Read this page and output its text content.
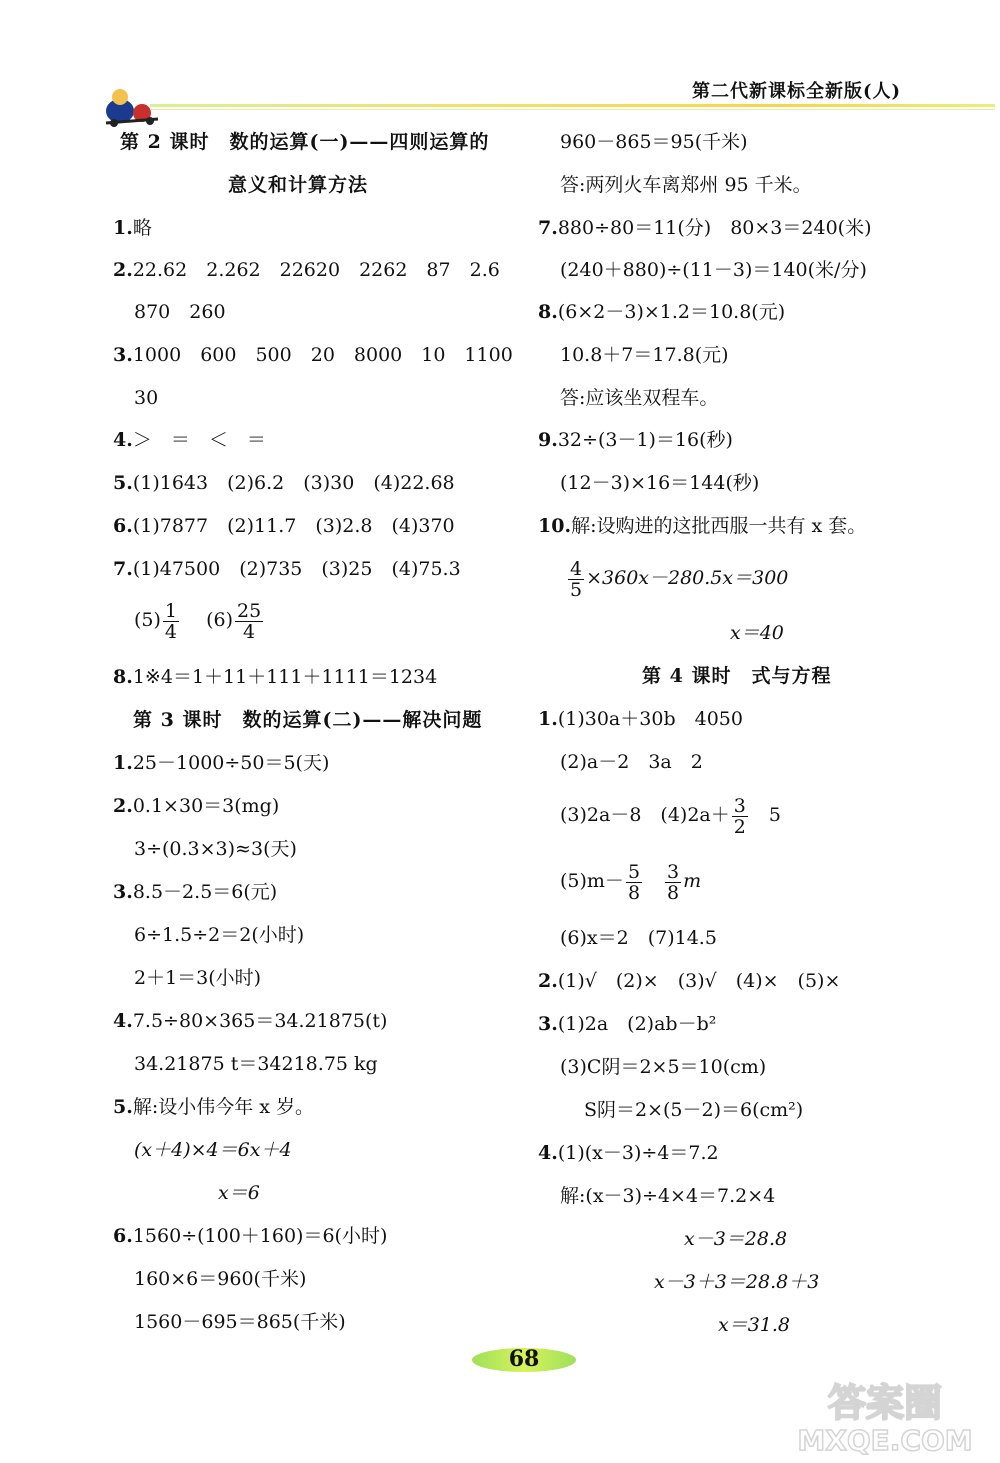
第二代新课标全新版(人)
第 2 课时　数的运算(一)——四则运算的
意义和计算方法
1.略
2.22.62　2.262　22620　2262　87　2.6
870　260
3.1000　600　500　20　8000　10　1100
30
4.＞　＝　＜　＝
5.(1)1643　(2)6.2　(3)30　(4)22.68
6.(1)7877　(2)11.7　(3)2.8　(4)370
7.(1)47500　(2)735　(3)25　(4)75.3
$(5) \frac{1}{4}$
　 $(6) \frac{25}{4}$
8.1※4＝1＋11＋111＋1111＝1234
第 3 课时　数的运算(二)——解决问题
1.25－1000÷50＝5(天)
2.0.1×30＝3(mg)
3÷(0.3×3)≈3(天)
3.8.5－2.5＝6(元)
6÷1.5÷2＝2(小时)
2＋1＝3(小时)
4.7.5÷80×365＝34.21875(t)
34.21875 t＝34218.75 kg
5.解:设小伟今年 x 岁。
(x＋4)×4＝6x＋4
x＝6
6.1560÷(100＋160)＝6(小时)
160×6＝960(千米)
1560－695＝865(千米)
960－865＝95(千米)
答:两列火车离郑州 95 千米。
7.880÷80＝11(分)　80×3＝240(米)
(240＋880)÷(11－3)＝140(米/分)
8.(6×2－3)×1.2＝10.8(元)
10.8＋7＝17.8(元)
答:应该坐双程车。
9.32÷(3－1)＝16(秒)
(12－3)×16＝144(秒)
10.解:设购进的这批西服一共有 x 套。
$\frac{4}{5} \times 360x-280.5x=300$
x＝40
第 4 课时　式与方程
1.(1)30a＋30b　4050
(2)a－2　3a　2
(3)2a－8　$(4)2a+ \frac{3}{2}$
　 5
$(5)m- \frac{5}{8}$
　 $\frac{3}{8}$ m
(6)x＝2　(7)14.5
2.(1)√　(2)×　(3)√　(4)×　(5)×
3.(1)2a　(2)ab－b²
(3)C阴＝2×5＝10(cm)
S阴＝2×(5－2)＝6(cm²)
4.(1)(x－3)÷4＝7.2
解:(x－3)÷4×4＝7.2×4
x－3＝28.8
x－3＋3＝28.8＋3
x＝31.8
68
答案圈
MXQE.COM
